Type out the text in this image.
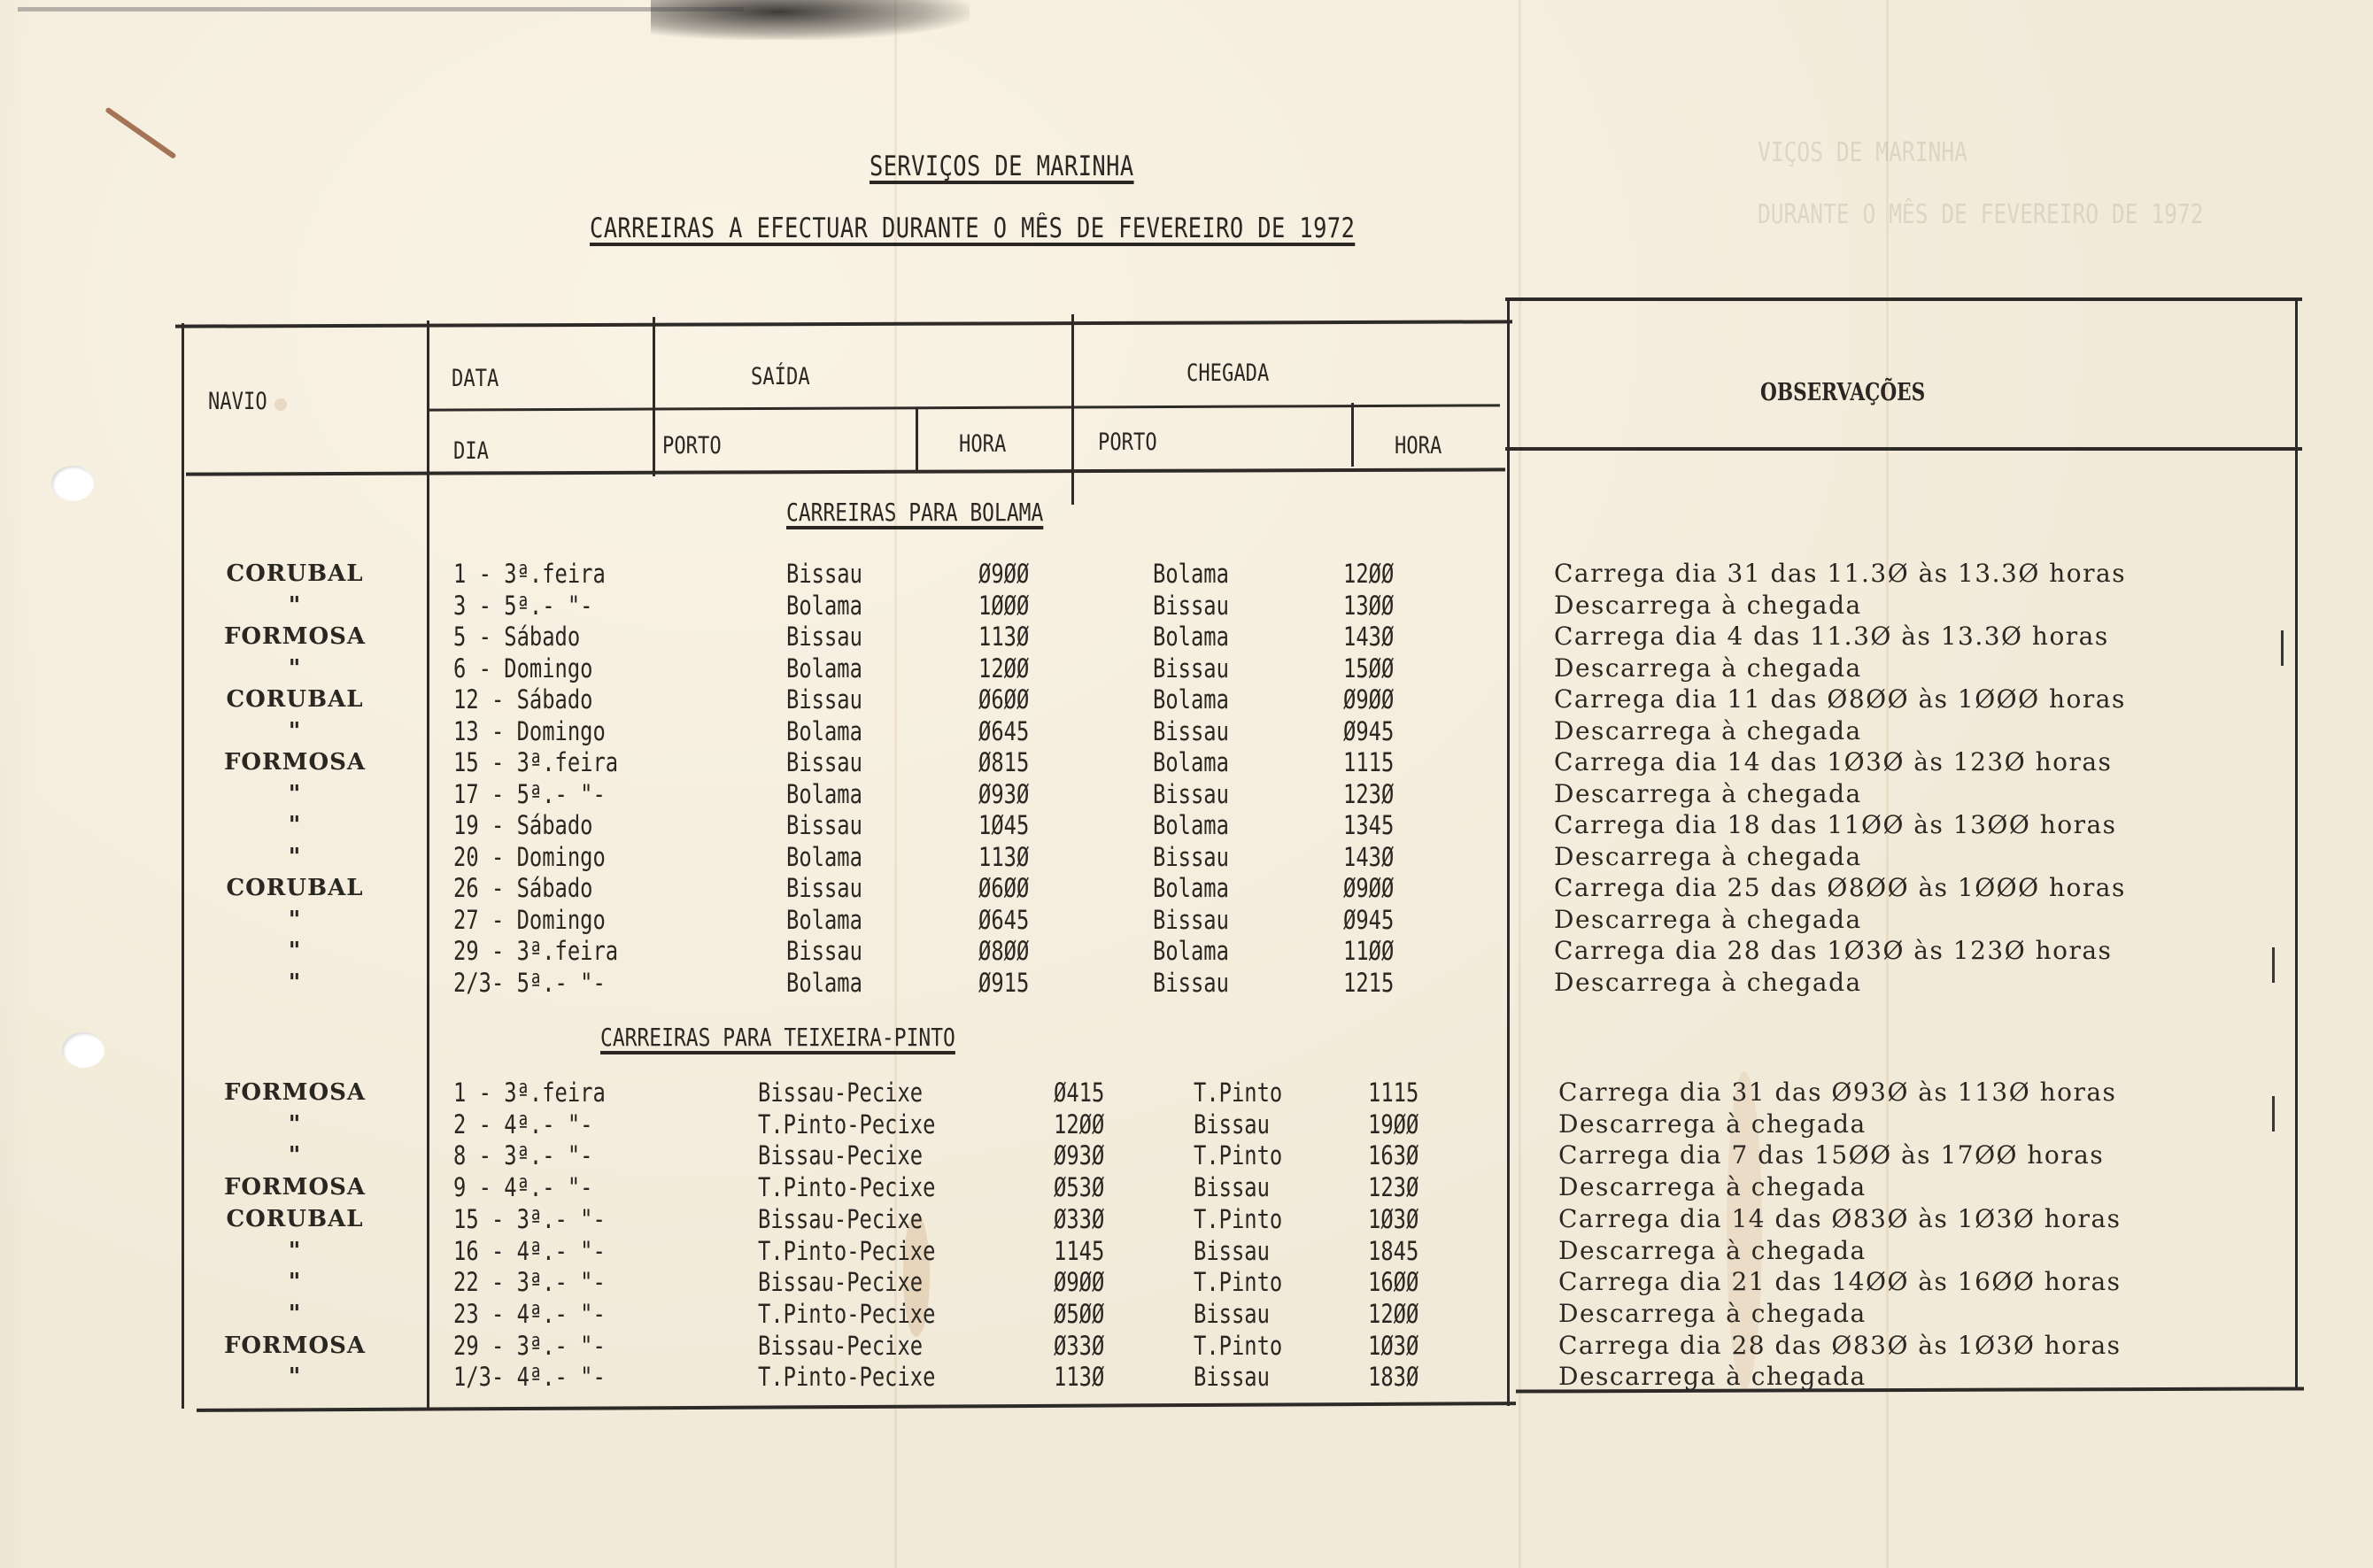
VIÇOS DE MARINHA
DURANTE O MÊS DE FEVEREIRO DE 1972
SERVIÇOS DE MARINHA
CARREIRAS A EFECTUAR DURANTE O MÊS DE FEVEREIRO DE 1972
NAVIO
DATA
DIA
SAÍDA	CHEGADA
PORTO	HORA	PORTO	HORA
OBSERVAÇÕES
CARREIRAS PARA BOLAMA
CARREIRAS PARA TEIXEIRA-PINTO
CORUBAL	1 - 3ª.feira	Bissau	Ø9ØØ	Bolama	12ØØ	Carrega dia 31 das 11.3Ø às 13.3Ø horas
"	3 - 5ª.- "-	Bolama	1ØØØ	Bissau	13ØØ	Descarrega à chegada
FORMOSA	5 - Sábado	Bissau	113Ø	Bolama	143Ø	Carrega dia 4 das 11.3Ø às 13.3Ø horas
"	6 - Domingo	Bolama	12ØØ	Bissau	15ØØ	Descarrega à chegada
CORUBAL	12 - Sábado	Bissau	Ø6ØØ	Bolama	Ø9ØØ	Carrega dia 11 das Ø8ØØ às 1ØØØ horas
"	13 - Domingo	Bolama	Ø645	Bissau	Ø945	Descarrega à chegada
FORMOSA	15 - 3ª.feira	Bissau	Ø815	Bolama	1115	Carrega dia 14 das 1Ø3Ø às 123Ø horas
"	17 - 5ª.- "-	Bolama	Ø93Ø	Bissau	123Ø	Descarrega à chegada
"	19 - Sábado	Bissau	1Ø45	Bolama	1345	Carrega dia 18 das 11ØØ às 13ØØ horas
"	20 - Domingo	Bolama	113Ø	Bissau	143Ø	Descarrega à chegada
CORUBAL	26 - Sábado	Bissau	Ø6ØØ	Bolama	Ø9ØØ	Carrega dia 25 das Ø8ØØ às 1ØØØ horas
"	27 - Domingo	Bolama	Ø645	Bissau	Ø945	Descarrega à chegada
"	29 - 3ª.feira	Bissau	Ø8ØØ	Bolama	11ØØ	Carrega dia 28 das 1Ø3Ø às 123Ø horas
"	2/3- 5ª.- "-	Bolama	Ø915	Bissau	1215	Descarrega à chegada
FORMOSA	1 - 3ª.feira	Bissau-Pecixe	Ø415	T.Pinto	1115	Carrega dia 31 das Ø93Ø às 113Ø horas
"	2 - 4ª.- "-	T.Pinto-Pecixe	12ØØ	Bissau	19ØØ	Descarrega à chegada
"	8 - 3ª.- "-	Bissau-Pecixe	Ø93Ø	T.Pinto	163Ø	Carrega dia 7 das 15ØØ às 17ØØ horas
FORMOSA	9 - 4ª.- "-	T.Pinto-Pecixe	Ø53Ø	Bissau	123Ø	Descarrega à chegada
CORUBAL	15 - 3ª.- "-	Bissau-Pecixe	Ø33Ø	T.Pinto	1Ø3Ø	Carrega dia 14 das Ø83Ø às 1Ø3Ø horas
"	16 - 4ª.- "-	T.Pinto-Pecixe	1145	Bissau	1845	Descarrega à chegada
"	22 - 3ª.- "-	Bissau-Pecixe	Ø9ØØ	T.Pinto	16ØØ	Carrega dia 21 das 14ØØ às 16ØØ horas
"	23 - 4ª.- "-	T.Pinto-Pecixe	Ø5ØØ	Bissau	12ØØ	Descarrega à chegada
FORMOSA	29 - 3ª.- "-	Bissau-Pecixe	Ø33Ø	T.Pinto	1Ø3Ø	Carrega dia 28 das Ø83Ø às 1Ø3Ø horas
"	1/3- 4ª.- "-	T.Pinto-Pecixe	113Ø	Bissau	183Ø	Descarrega à chegada
